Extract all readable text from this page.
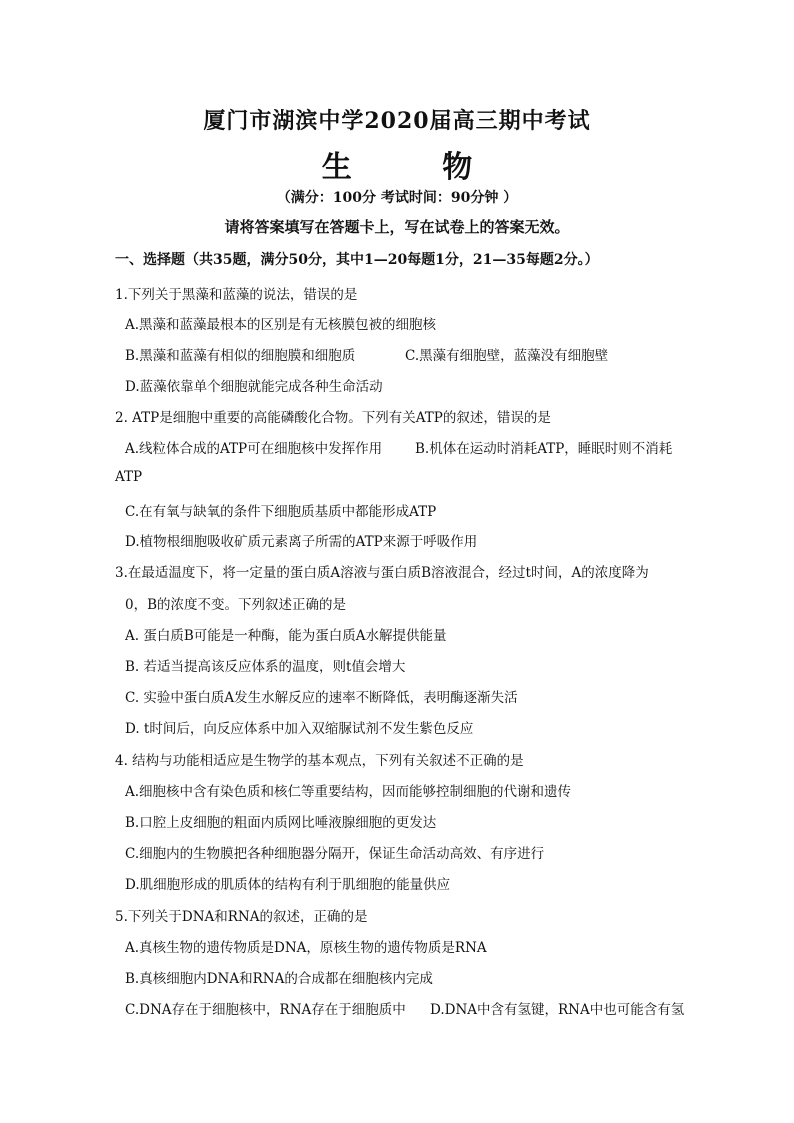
厦门市湖滨中学2020届高三期中考试
生 物
（满分：100分 考试时间：90分钟 ）
请将答案填写在答题卡上，写在试卷上的答案无效。
一、选择题（共35题，满分50分，其中1—20每题1分，21—35每题2分。）
1.下列关于黑藻和蓝藻的说法，错误的是
A.黑藻和蓝藻最根本的区别是有无核膜包被的细胞核
B.黑藻和蓝藻有相似的细胞膜和细胞质	C.黑藻有细胞壁，蓝藻没有细胞壁
D.蓝藻依靠单个细胞就能完成各种生命活动
2. ATP是细胞中重要的高能磷酸化合物。下列有关ATP的叙述，错误的是
A.线粒体合成的ATP可在细胞核中发挥作用	B.机体在运动时消耗ATP，睡眠时则不消耗
ATP
C.在有氧与缺氧的条件下细胞质基质中都能形成ATP
D.植物根细胞吸收矿质元素离子所需的ATP来源于呼吸作用
3.在最适温度下，将一定量的蛋白质A溶液与蛋白质B溶液混合，经过t时间，A的浓度降为
0，B的浓度不变。下列叙述正确的是
A. 蛋白质B可能是一种酶，能为蛋白质A水解提供能量
B. 若适当提高该反应体系的温度，则t值会增大
C. 实验中蛋白质A发生水解反应的速率不断降低，表明酶逐渐失活
D. t时间后，向反应体系中加入双缩脲试剂不发生紫色反应
4. 结构与功能相适应是生物学的基本观点，下列有关叙述不正确的是
A.细胞核中含有染色质和核仁等重要结构，因而能够控制细胞的代谢和遗传
B.口腔上皮细胞的粗面内质网比唾液腺细胞的更发达
C.细胞内的生物膜把各种细胞器分隔开，保证生命活动高效、有序进行
D.肌细胞形成的肌质体的结构有利于肌细胞的能量供应
5.下列关于DNA和RNA的叙述，正确的是
A.真核生物的遗传物质是DNA，原核生物的遗传物质是RNA
B.真核细胞内DNA和RNA的合成都在细胞核内完成
C.DNA存在于细胞核中，RNA存在于细胞质中	D.DNA中含有氢键，RNA中也可能含有氢
